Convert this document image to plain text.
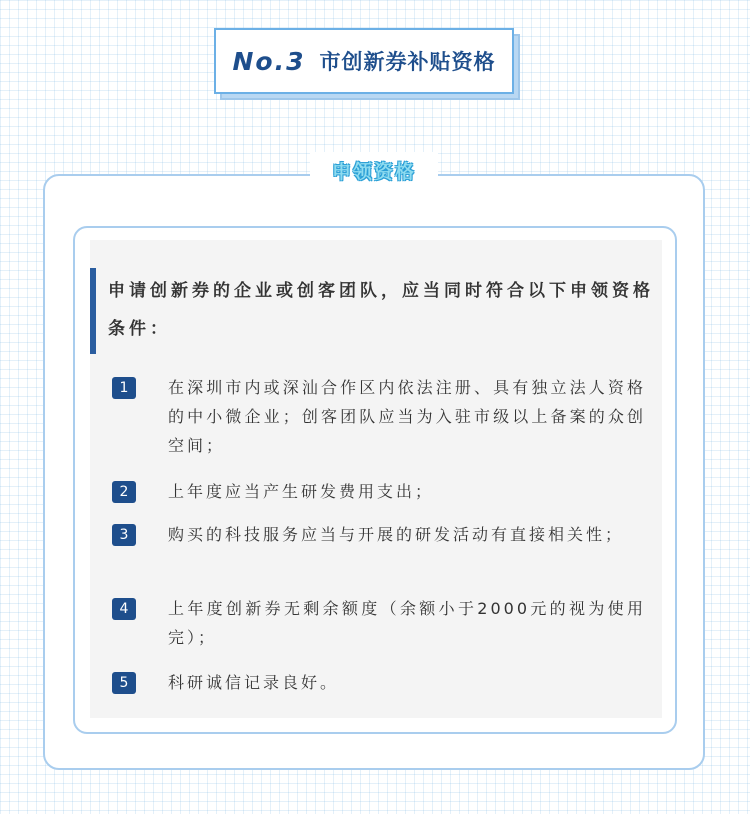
No.3 市创新券补贴资格
申领资格
申请创新券的企业或创客团队，应当同时符合以下申领资格条件：
1	在深圳市内或深汕合作区内依法注册、具有独立法人资格的中小微企业；创客团队应当为入驻市级以上备案的众创空间；
2	上年度应当产生研发费用支出；
3	购买的科技服务应当与开展的研发活动有直接相关性；
4	上年度创新券无剩余额度（余额小于2000元的视为使用完）；
5	科研诚信记录良好。
